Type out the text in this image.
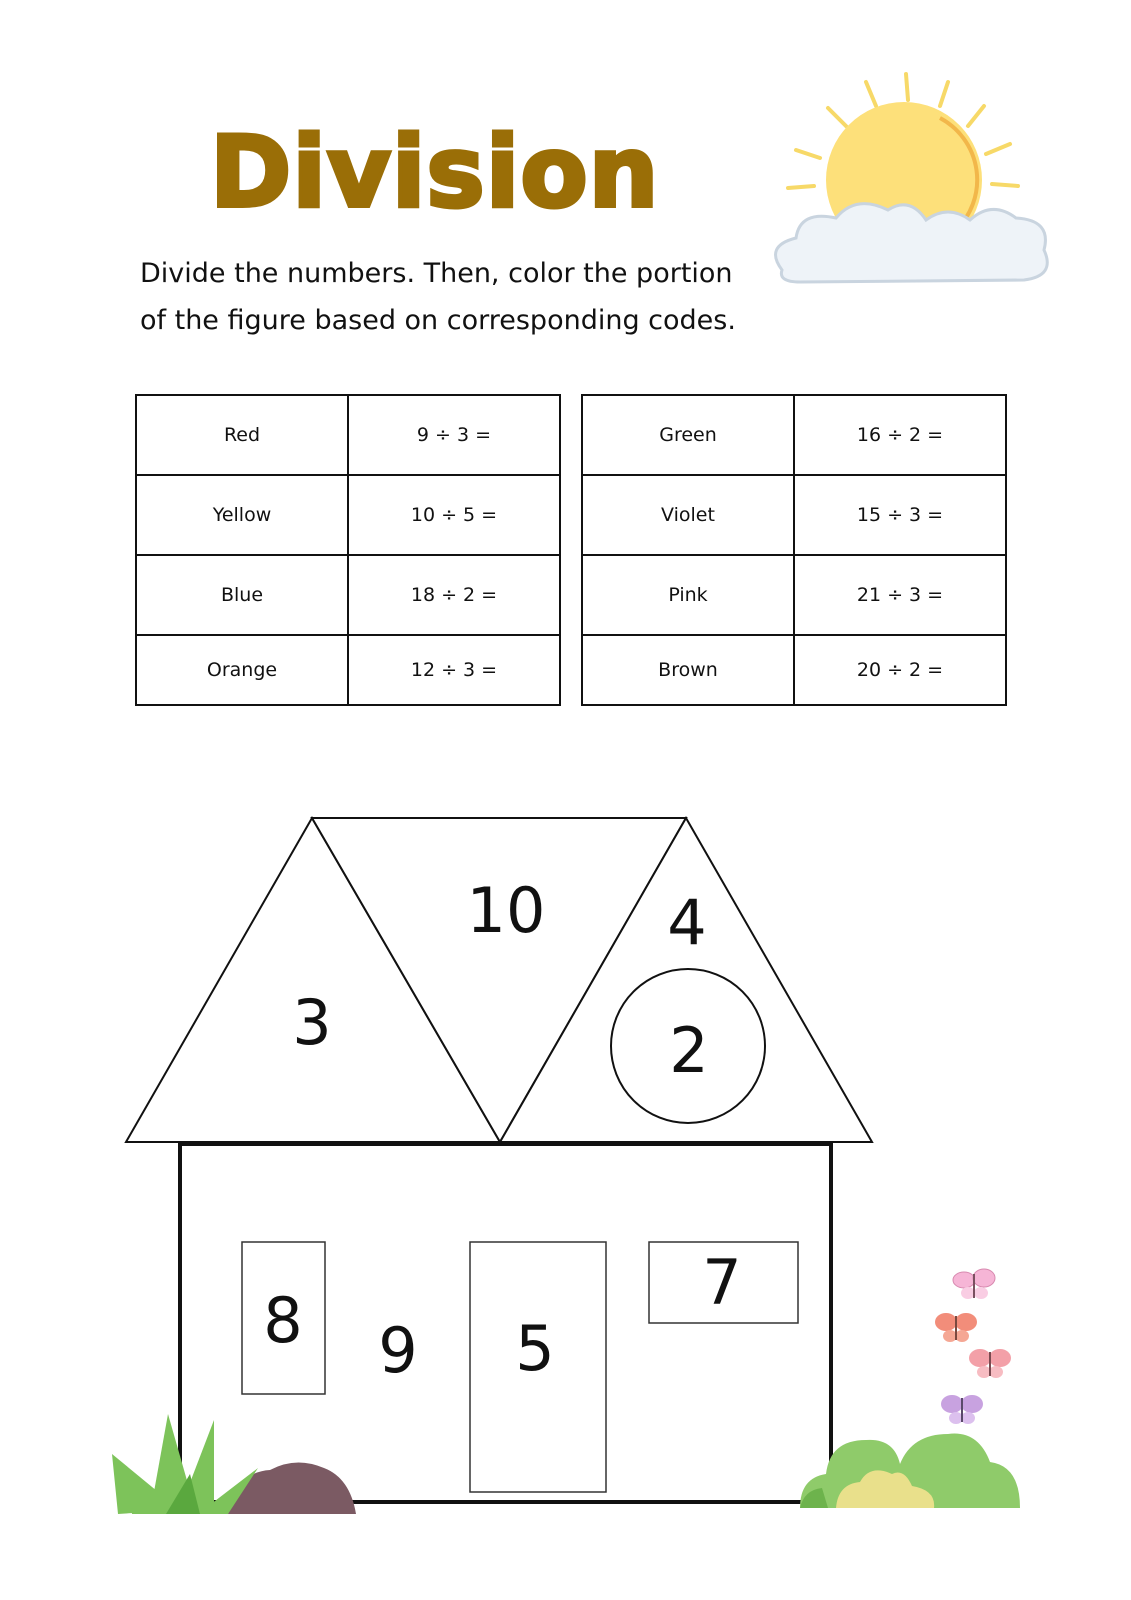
Division
Divide the numbers. Then, color the portion
of the figure based on corresponding codes.
Red	9 ÷ 3 =
Yellow	10 ÷ 5 =
Blue	18 ÷ 2 =
Orange	12 ÷ 3 =
Green	16 ÷ 2 =
Violet	15 ÷ 3 =
Pink	21 ÷ 3 =
Brown	20 ÷ 2 =
3
10 4
2
8 9 5
7
